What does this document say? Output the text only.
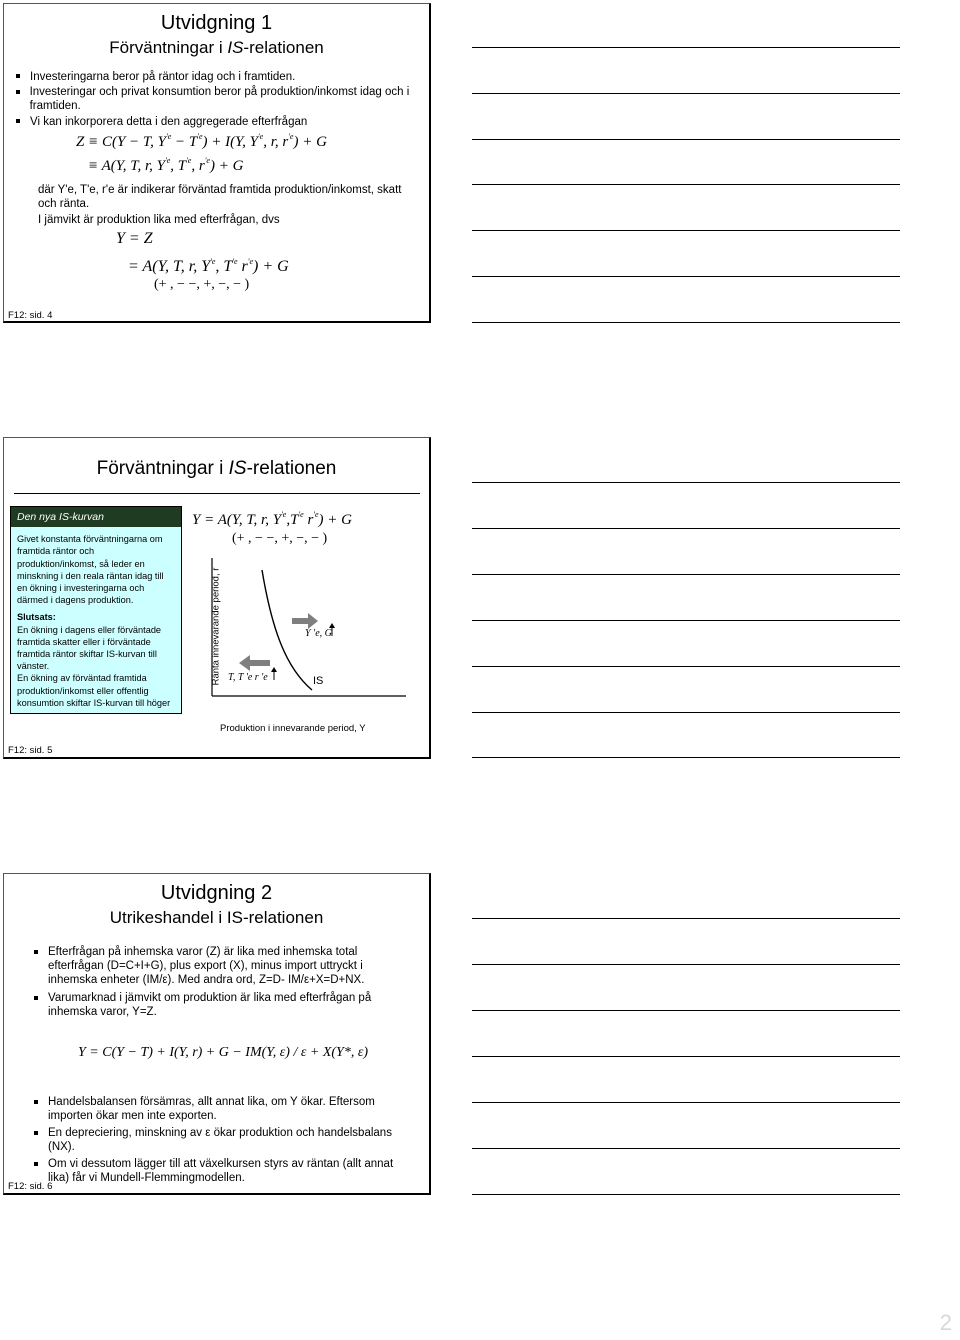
Utvidgning 1
Förväntningar i IS-relationen
Investeringarna beror på räntor idag och i framtiden.
Investeringar och privat konsumtion beror på produktion/inkomst idag och i framtiden.
Vi kan inkorporera detta i den aggregerade efterfrågan
Z ≡ C(Y − T, $Y^{'e} - T^{'e}) + I(Y$, $Y^{'e}$, r, $r^{'e}) + G$
≡ A(Y, T, r, $Y^{'e}$, $T^{'e}$, $r^{'e}) + G$
där Y'e, T'e, r'e är indikerar förväntad framtida produktion/inkomst, skatt och ränta.
I jämvikt är produktion lika med efterfrågan, dvs
Y = Z
= A(Y, T, r, $Y^{'e}$, $T^{'e}$ $r^{'e}) + G$
(+ , − −, +, −, − )
F12: sid. 4
Förväntningar i IS-relationen
Den nya IS-kurvan
Givet konstanta förväntningarna om framtida räntor och produktion/inkomst, så leder en minskning i den reala räntan idag till en ökning i investeringarna och därmed i dagens produktion.
Slutsats:
En ökning i dagens eller förväntade framtida skatter eller i förväntade framtida räntor skiftar IS-kurvan till vänster.
En ökning av förväntad framtida produktion/inkomst eller offentlig konsumtion skiftar IS-kurvan till höger
Y = A(Y, T, r, $Y^{'e},T^{'e}$ $r^{'e}) + G$
(+ , − −, +, −, − )
Y 'e, G
T, T 'e r 'e	IS
Ränta innevarande period, r
Produktion i innevarande period, Y
F12: sid. 5
Utvidgning 2
Utrikeshandel i IS-relationen
Efterfrågan på inhemska varor (Z) är lika med inhemska total efterfrågan (D=C+I+G), plus export (X), minus import uttryckt i inhemska enheter (IM/ε). Med andra ord, Z=D- IM/ε+X=D+NX.
Varumarknad i jämvikt om produktion är lika med efterfrågan på inhemska varor, Y=Z.
Y = C(Y − T) + I(Y, r) + G − IM(Y, ε) / ε + X(Y*, ε)
Handelsbalansen försämras, allt annat lika, om Y ökar. Eftersom importen ökar men inte exporten.
En depreciering, minskning av ε ökar produktion och handelsbalans (NX).
Om vi dessutom lägger till att växelkursen styrs av räntan (allt annat lika) får vi Mundell-Flemmingmodellen.
F12: sid. 6
2
